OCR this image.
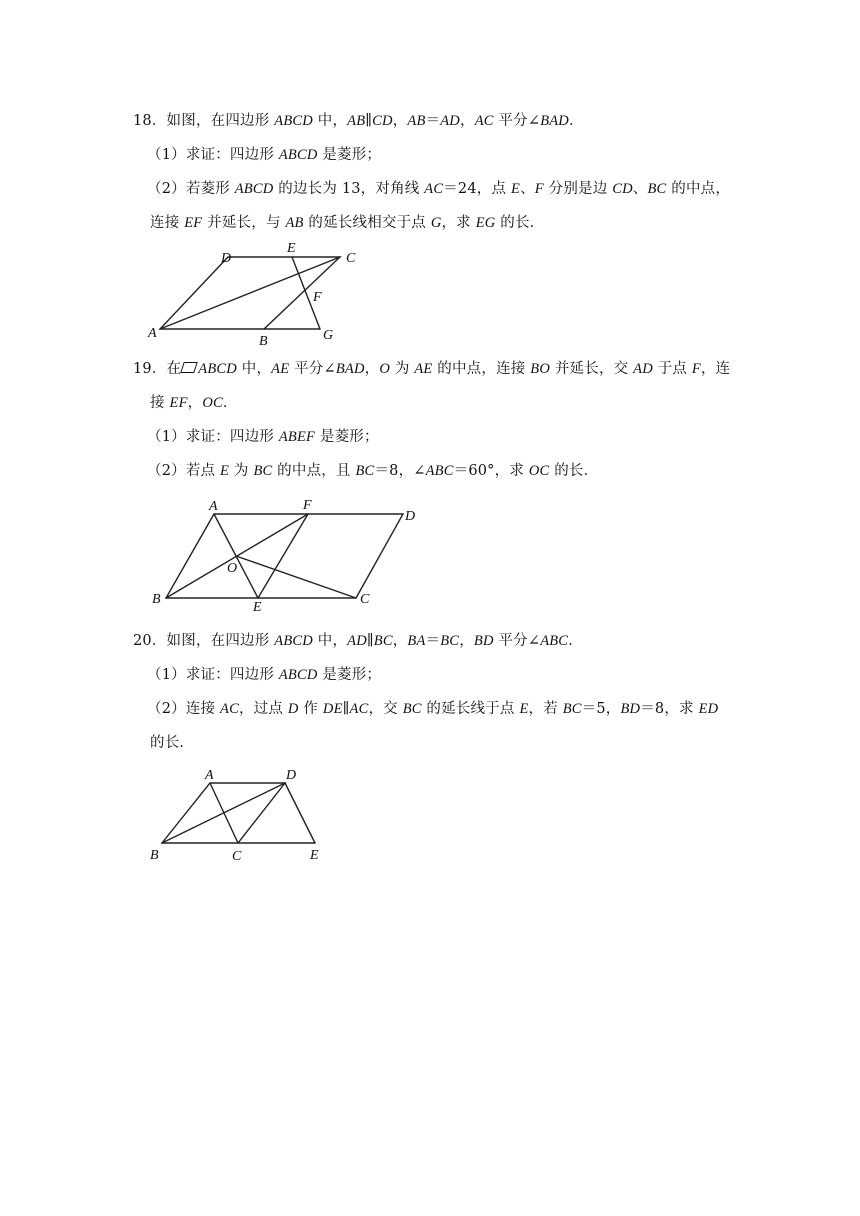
18．如图，在四边形 ABCD 中，AB∥CD，AB＝AD，AC 平分∠BAD．
（1）求证：四边形 ABCD 是菱形；
（2）若菱形 ABCD 的边长为 13，对角线 AC＝24，点 E、F 分别是边 CD、BC 的中点，
连接 EF 并延长，与 AB 的延长线相交于点 G，求 EG 的长．
A
B
C
D
E
F
G
19．在 ABCD 中，AE 平分∠BAD，O 为 AE 的中点，连接 BO 并延长，交 AD 于点 F，连
接 EF，OC．
（1）求证：四边形 ABEF 是菱形；
（2）若点 E 为 BC 的中点，且 BC＝8，∠ABC＝60°，求 OC 的长．
A
B	C
D
E
F
O
20．如图，在四边形 ABCD 中，AD∥BC，BA＝BC，BD 平分∠ABC．
（1）求证：四边形 ABCD 是菱形；
（2）连接 AC，过点 D 作 DE∥AC，交 BC 的延长线于点 E，若 BC＝5，BD＝8，求 ED
的长．
A
B	C
D
E
